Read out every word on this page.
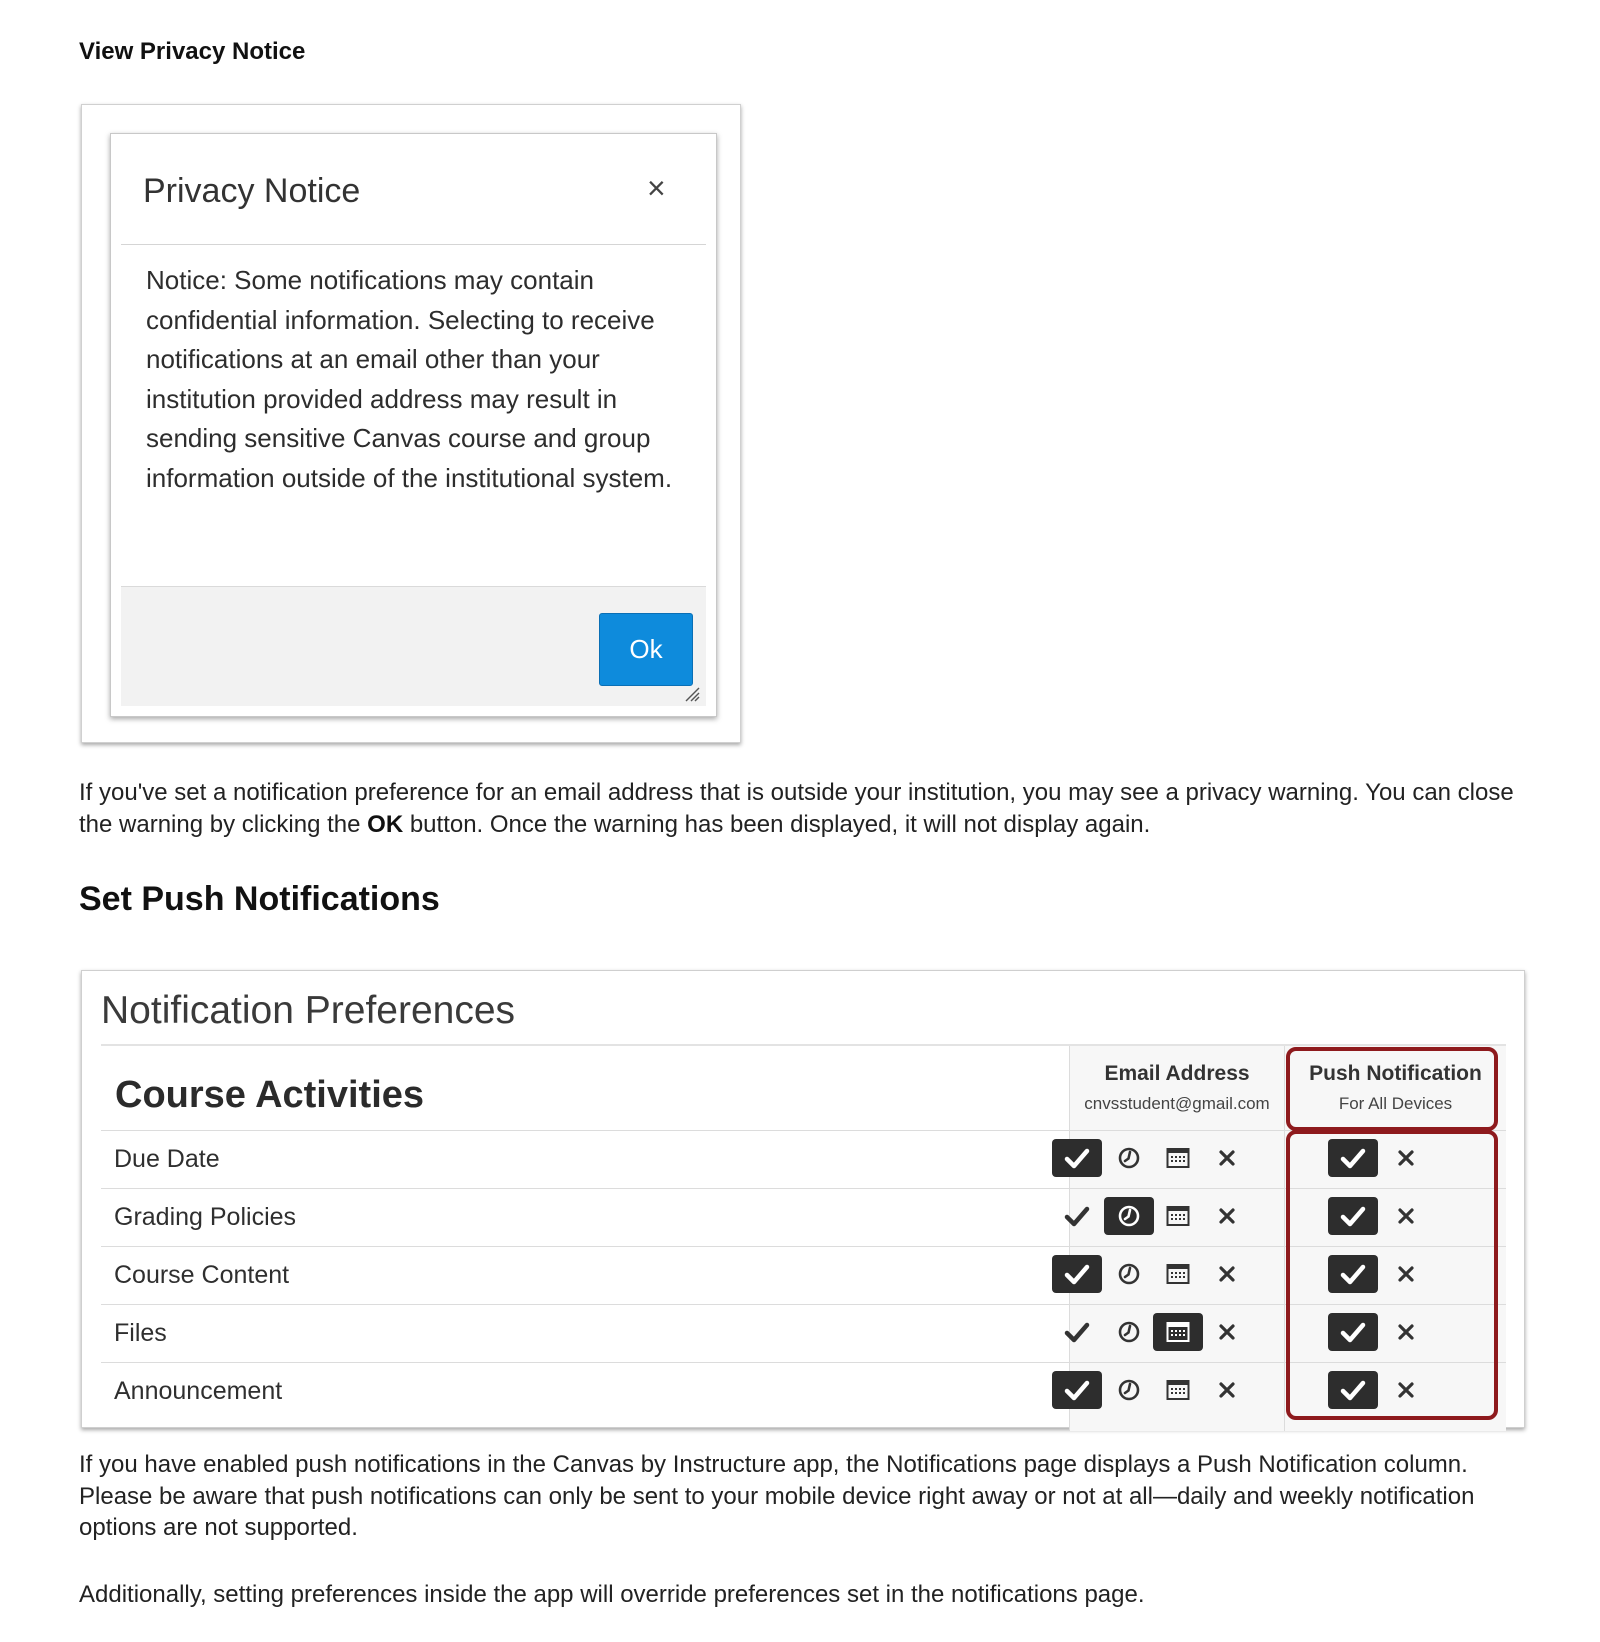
View Privacy Notice
Privacy Notice	×

Notice: Some notifications may contain confidential information. Selecting to receive notifications at an email other than your institution provided address may result in sending sensitive Canvas course and group information outside of the institutional system.

Ok

If you've set a notification preference for an email address that is outside your institution, you may see a privacy warning. You can close the warning by clicking the OK button. Once the warning has been displayed, it will not display again.

Set Push Notifications
Notification Preferences
Course Activities
Email Address
cnvsstudent@gmail.com
Push Notification
For All Devices
Due Date
Grading Policies
Course Content
Files
Announcement

If you have enabled push notifications in the Canvas by Instructure app, the Notifications page displays a Push Notification column. Please be aware that push notifications can only be sent to your mobile device right away or not at all—daily and weekly notification options are not supported.

Additionally, setting preferences inside the app will override preferences set in the notifications page.
